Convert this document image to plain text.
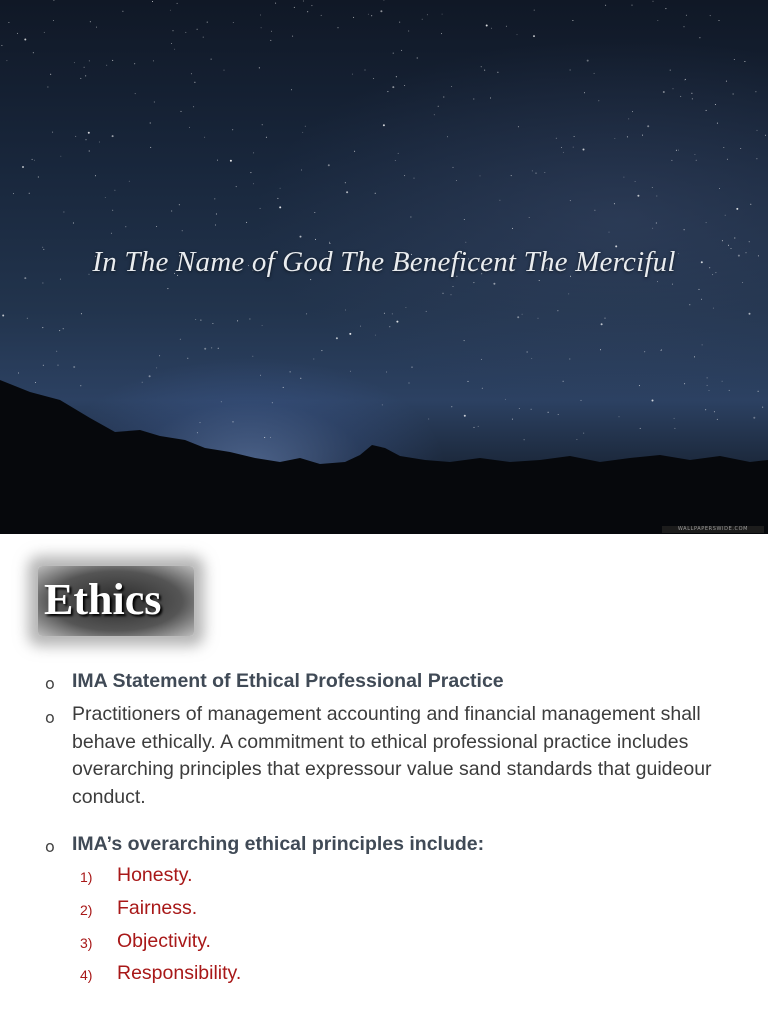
In The Name of God The Beneficent The Merciful
WALLPAPERSWIDE.COM
Ethics
o IMA Statement of Ethical Professional Practice
o Practitioners of management accounting and financial management shall behave ethically. A commitment to ethical professional practice includes overarching principles that expressour value sand standards that guideour conduct.
o IMA’s overarching ethical principles include:
1) Honesty.
2) Fairness.
3) Objectivity.
4) Responsibility.
